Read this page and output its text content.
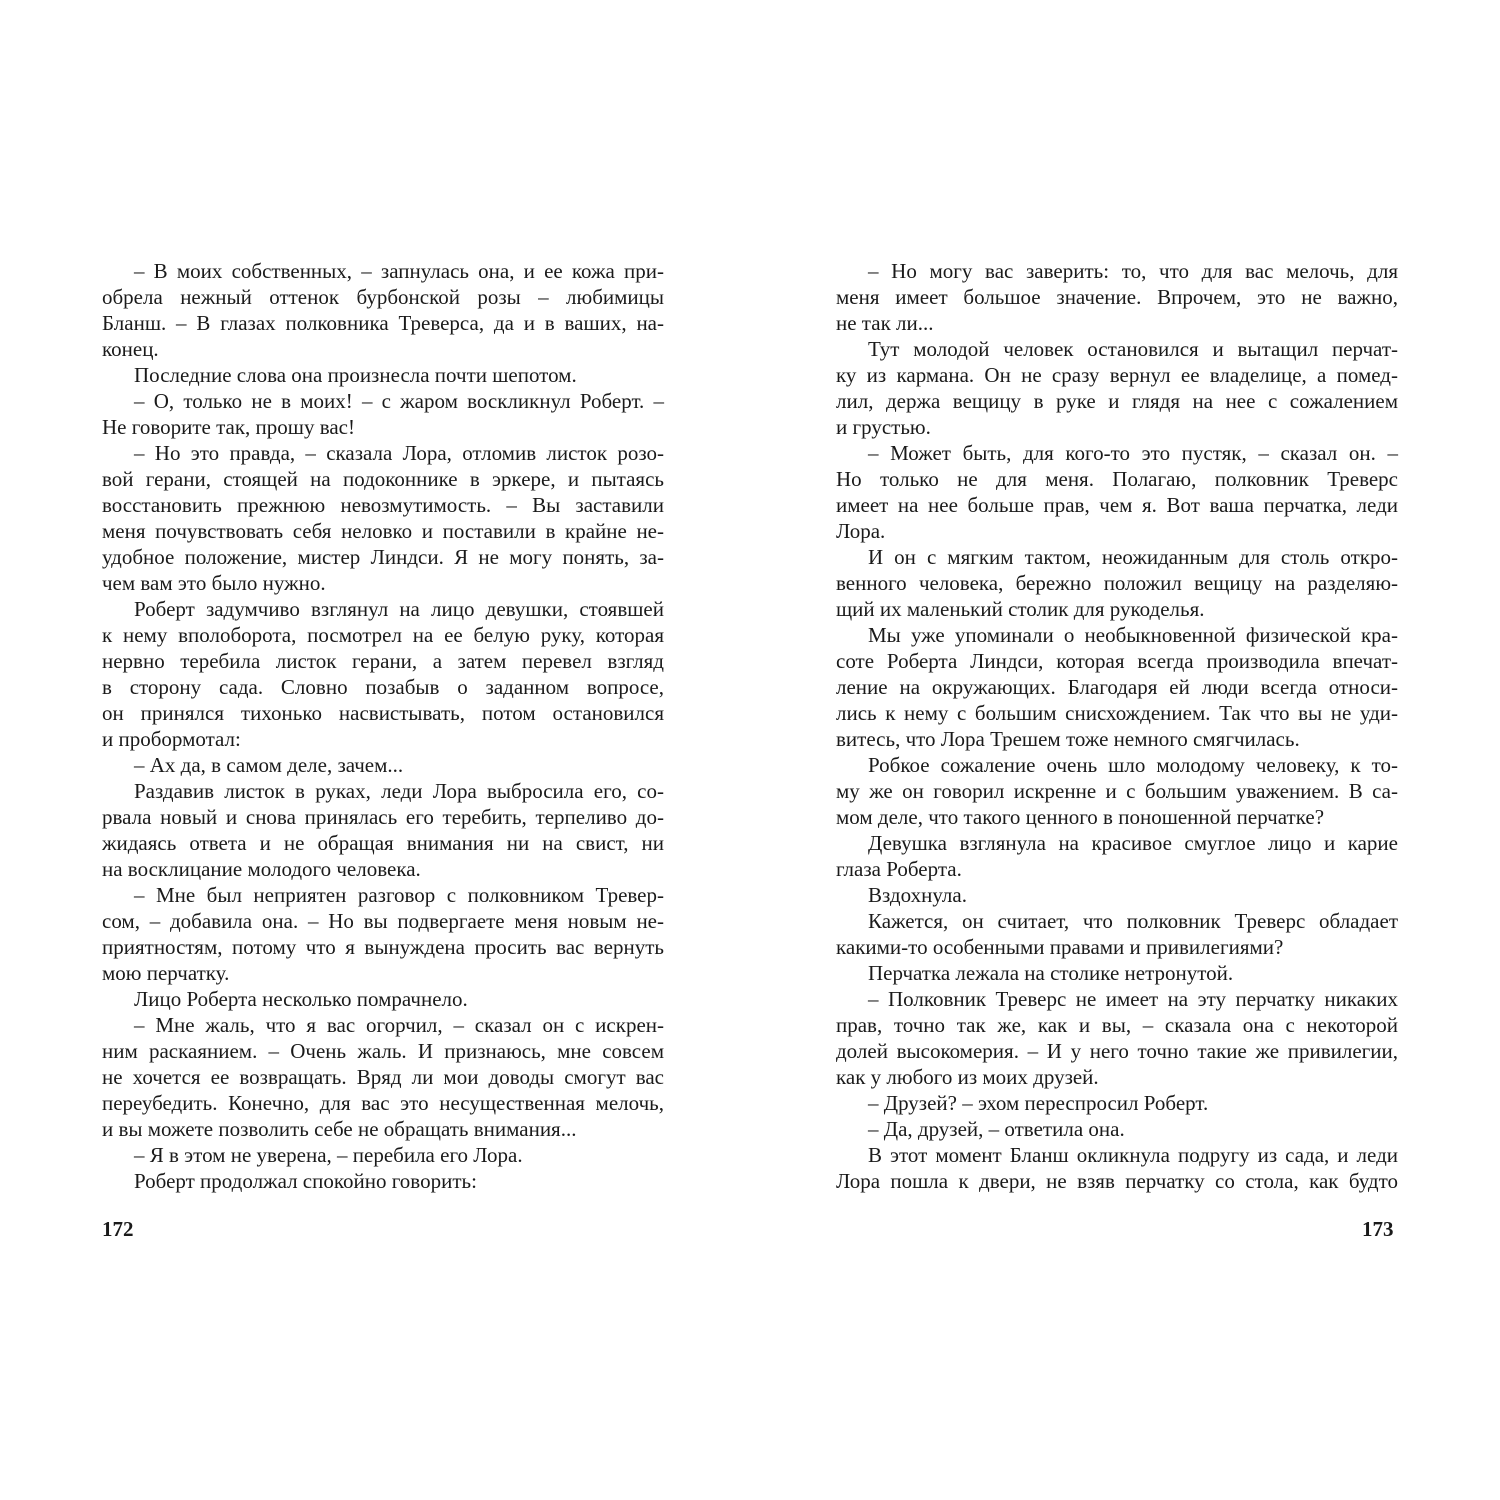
– В моих собственных, – запнулась она, и ее кожа при-
обрела нежный оттенок бурбонской розы – любимицы
Бланш. – В глазах полковника Треверса, да и в ваших, на-
конец.
Последние слова она произнесла почти шепотом.
– О, только не в моих! – с жаром воскликнул Роберт. –
Не говорите так, прошу вас!
– Но это правда, – сказала Лора, отломив листок розо-
вой герани, стоящей на подоконнике в эркере, и пытаясь
восстановить прежнюю невозмутимость. – Вы заставили
меня почувствовать себя неловко и поставили в крайне не-
удобное положение, мистер Линдси. Я не могу понять, за-
чем вам это было нужно.
Роберт задумчиво взглянул на лицо девушки, стоявшей
к нему вполоборота, посмотрел на ее белую руку, которая
нервно теребила листок герани, а затем перевел взгляд
в сторону сада. Словно позабыв о заданном вопросе,
он принялся тихонько насвистывать, потом остановился
и пробормотал:
– Ах да, в самом деле, зачем...
Раздавив листок в руках, леди Лора выбросила его, со-
рвала новый и снова принялась его теребить, терпеливо до-
жидаясь ответа и не обращая внимания ни на свист, ни
на восклицание молодого человека.
– Мне был неприятен разговор с полковником Тревер-
сом, – добавила она. – Но вы подвергаете меня новым не-
приятностям, потому что я вынуждена просить вас вернуть
мою перчатку.
Лицо Роберта несколько помрачнело.
– Мне жаль, что я вас огорчил, – сказал он с искрен-
ним раскаянием. – Очень жаль. И признаюсь, мне совсем
не хочется ее возвращать. Вряд ли мои доводы смогут вас
переубедить. Конечно, для вас это несущественная мелочь,
и вы можете позволить себе не обращать внимания...
– Я в этом не уверена, – перебила его Лора.
Роберт продолжал спокойно говорить:
172
– Но могу вас заверить: то, что для вас мелочь, для
меня имеет большое значение. Впрочем, это не важно,
не так ли...
Тут молодой человек остановился и вытащил перчат-
ку из кармана. Он не сразу вернул ее владелице, а помед-
лил, держа вещицу в руке и глядя на нее с сожалением
и грустью.
– Может быть, для кого-то это пустяк, – сказал он. –
Но только не для меня. Полагаю, полковник Треверс
имеет на нее больше прав, чем я. Вот ваша перчатка, леди
Лора.
И он с мягким тактом, неожиданным для столь откро-
венного человека, бережно положил вещицу на разделяю-
щий их маленький столик для рукоделья.
Мы уже упоминали о необыкновенной физической кра-
соте Роберта Линдси, которая всегда производила впечат-
ление на окружающих. Благодаря ей люди всегда относи-
лись к нему с большим снисхождением. Так что вы не уди-
витесь, что Лора Трешем тоже немного смягчилась.
Робкое сожаление очень шло молодому человеку, к то-
му же он говорил искренне и с большим уважением. В са-
мом деле, что такого ценного в поношенной перчатке?
Девушка взглянула на красивое смуглое лицо и карие
глаза Роберта.
Вздохнула.
Кажется, он считает, что полковник Треверс обладает
какими-то особенными правами и привилегиями?
Перчатка лежала на столике нетронутой.
– Полковник Треверс не имеет на эту перчатку никаких
прав, точно так же, как и вы, – сказала она с некоторой
долей высокомерия. – И у него точно такие же привилегии,
как у любого из моих друзей.
– Друзей? – эхом переспросил Роберт.
– Да, друзей, – ответила она.
В этот момент Бланш окликнула подругу из сада, и леди
Лора пошла к двери, не взяв перчатку со стола, как будто
173
